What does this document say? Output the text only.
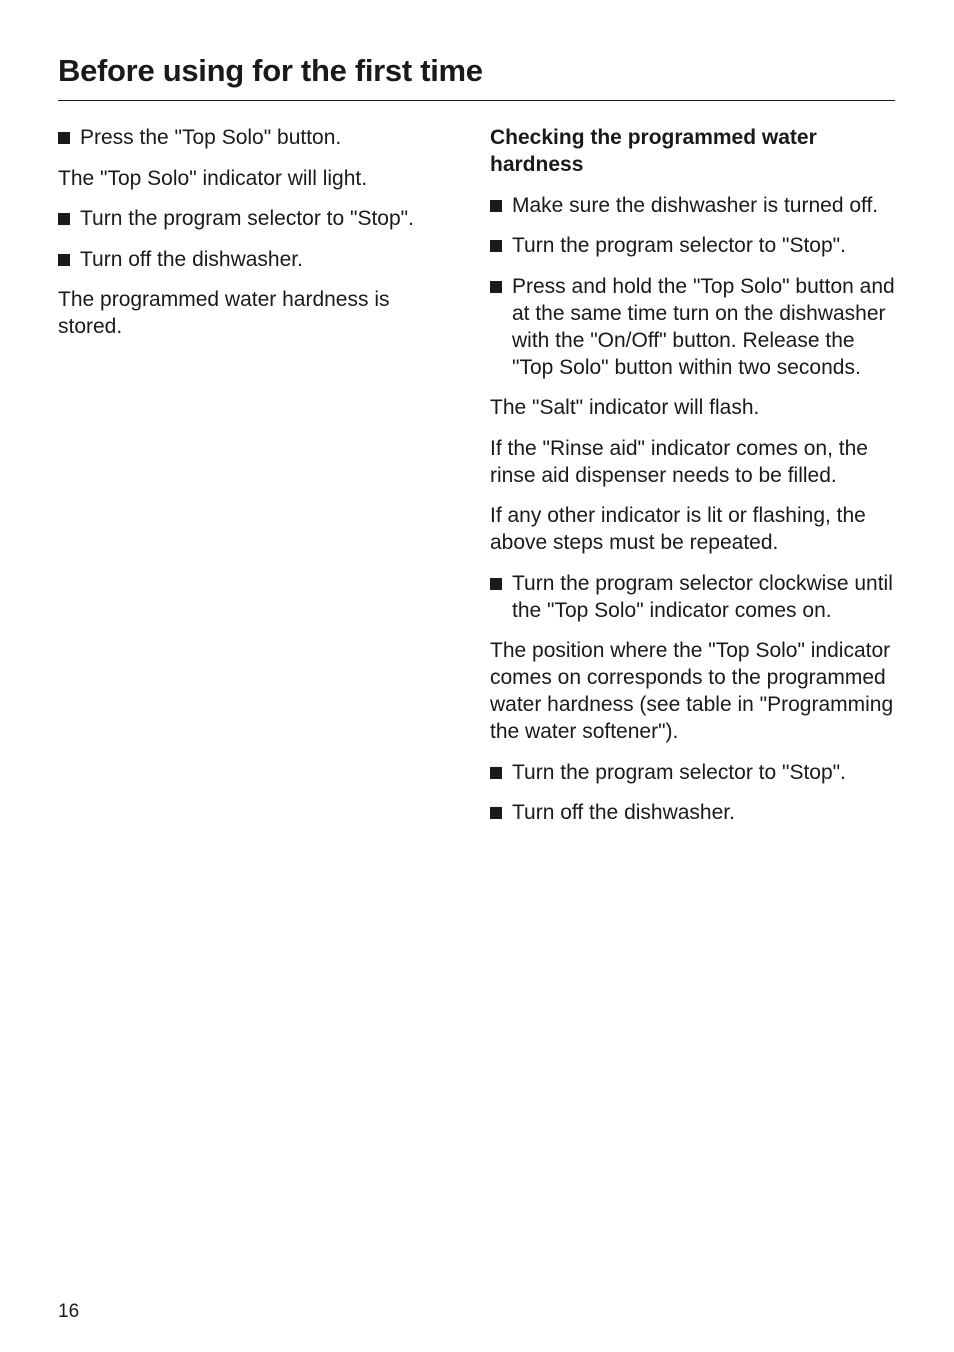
Before using for the first time
Press the "Top Solo" button.
The "Top Solo" indicator will light.
Turn the program selector to "Stop".
Turn off the dishwasher.
The programmed water hardness is stored.
Checking the programmed water hardness
Make sure the dishwasher is turned off.
Turn the program selector to "Stop".
Press and hold the "Top Solo" button and at the same time turn on the dishwasher with the "On/Off" button. Release the "Top Solo" button within two seconds.
The "Salt" indicator will flash.
If the "Rinse aid" indicator comes on, the rinse aid dispenser needs to be filled.
If any other indicator is lit or flashing, the above steps must be repeated.
Turn the program selector clockwise until the "Top Solo" indicator comes on.
The position where the "Top Solo" indicator comes on corresponds to the programmed water hardness (see table in "Programming the water softener").
Turn the program selector to "Stop".
Turn off the dishwasher.
16
